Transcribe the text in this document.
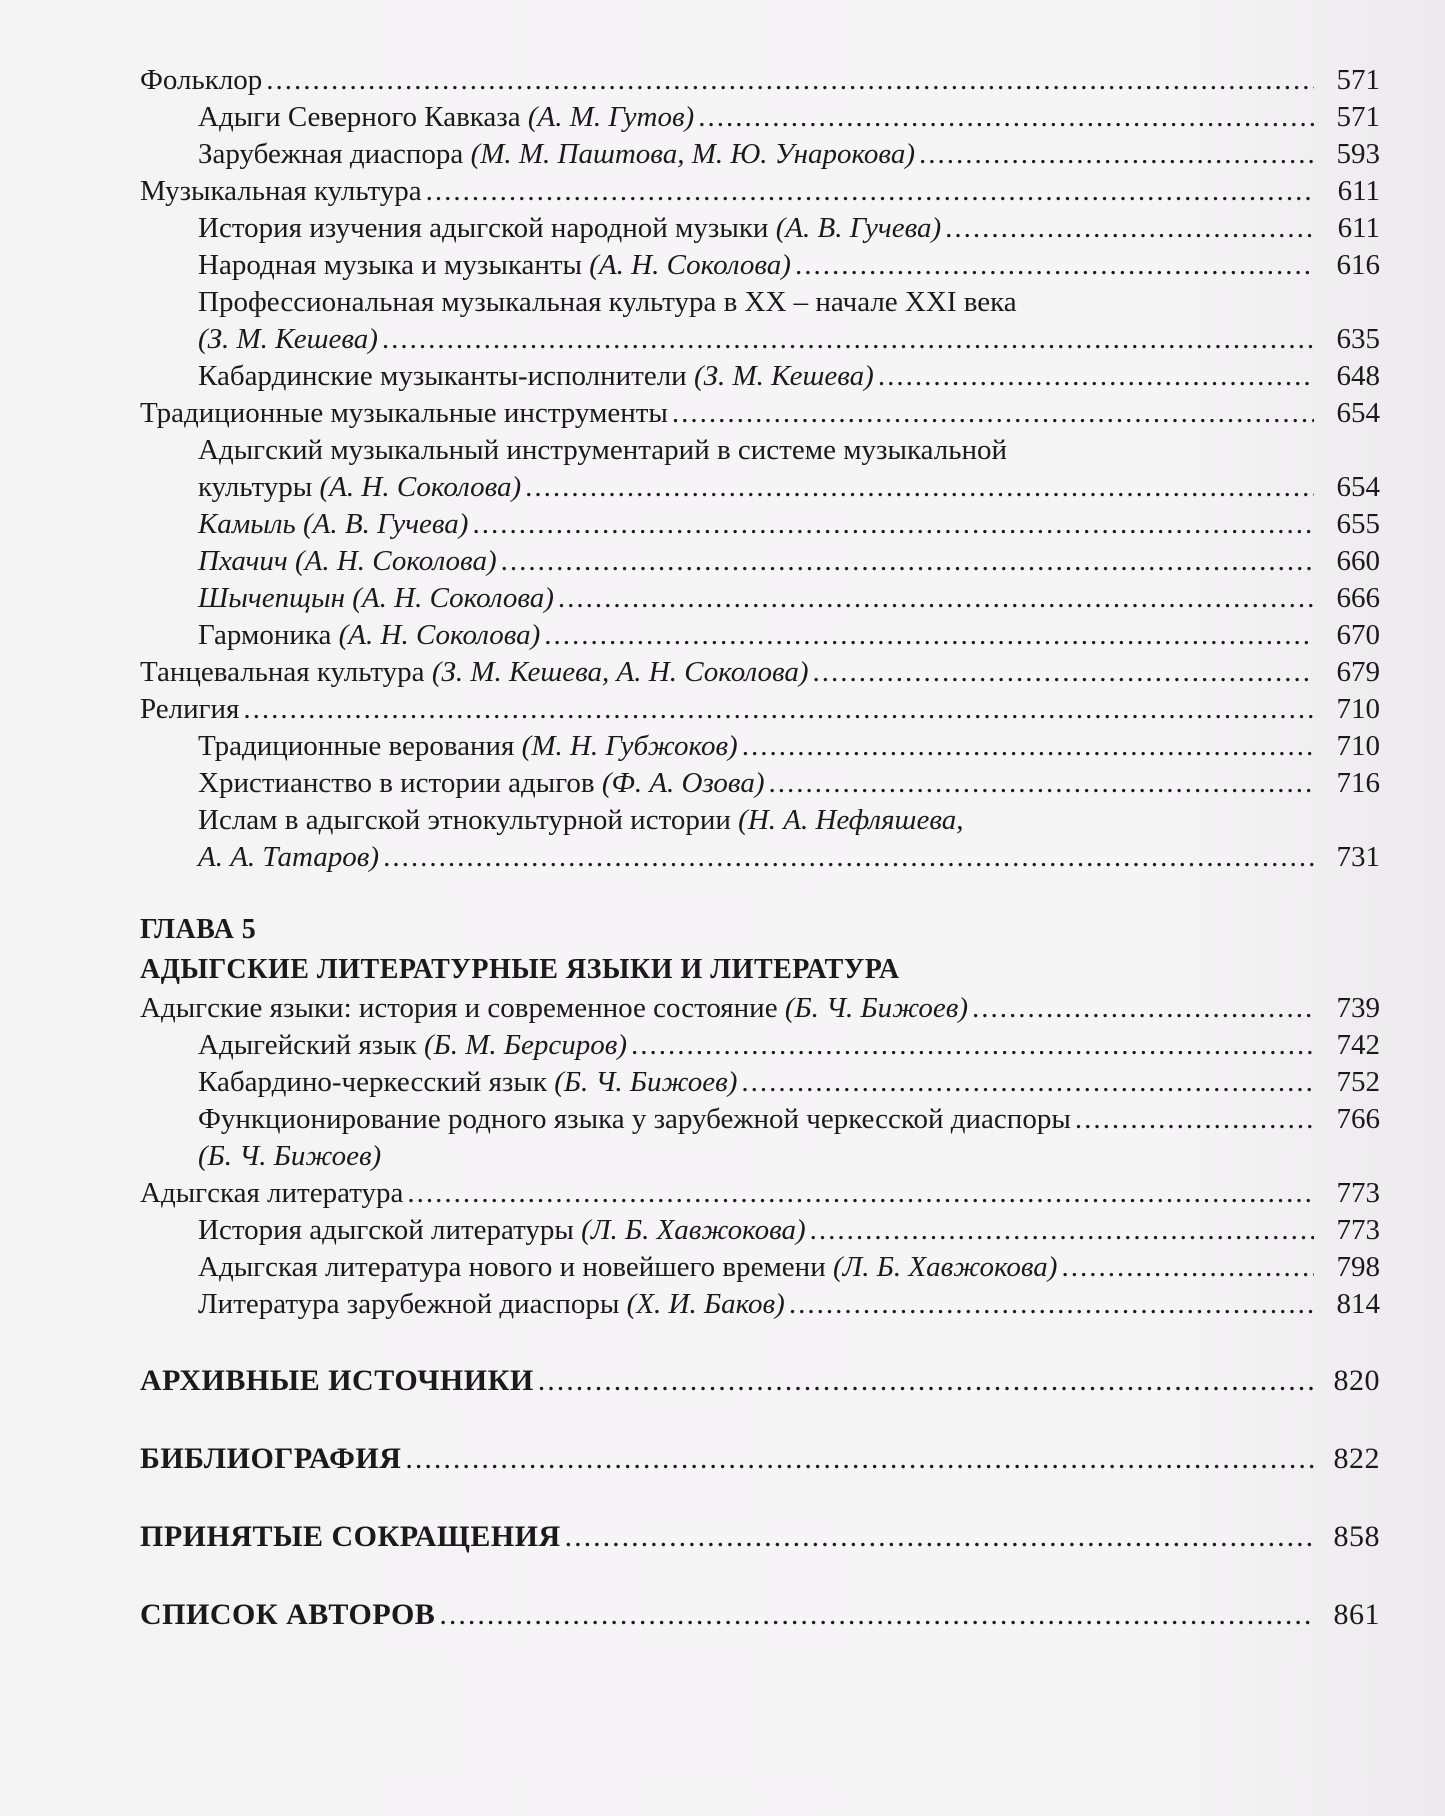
Фольклор .....	571
Адыги Северного Кавказа (А. М. Гутов) .....	571
Зарубежная диаспора (М. М. Паштова, М. Ю. Унарокова) .....	593
Музыкальная культура .....	611
История изучения адыгской народной музыки (А. В. Гучева) .....	611
Народная музыка и музыканты (А. Н. Соколова) .....	616
Профессиональная музыкальная культура в XX – начале XXI века
(З. М. Кешева) .....	635
Кабардинские музыканты-исполнители (З. М. Кешева) .....	648
Традиционные музыкальные инструменты .....	654
Адыгский музыкальный инструментарий в системе музыкальной
культуры (А. Н. Соколова) .....	654
Камыль (А. В. Гучева) .....	655
Пхачич (А. Н. Соколова) .....	660
Шычепщын (А. Н. Соколова) .....	666
Гармоника (А. Н. Соколова) .....	670
Танцевальная культура (З. М. Кешева, А. Н. Соколова) .....	679
Религия .....	710
Традиционные верования (М. Н. Губжоков) .....	710
Христианство в истории адыгов (Ф. А. Озова) .....	716
Ислам в адыгской этнокультурной истории (Н. А. Нефляшева,
А. А. Татаров) .....	731
ГЛАВА 5
АДЫГСКИЕ ЛИТЕРАТУРНЫЕ ЯЗЫКИ И ЛИТЕРАТУРА
Адыгские языки: история и современное состояние (Б. Ч. Бижоев) .....	739
Адыгейский язык (Б. М. Берсиров) .....	742
Кабардино-черкесский язык (Б. Ч. Бижоев) .....	752
Функционирование родного языка у зарубежной черкесской диаспоры .....	766
(Б. Ч. Бижоев)
Адыгская литература .....	773
История адыгской литературы (Л. Б. Хавжокова) .....	773
Адыгская литература нового и новейшего времени (Л. Б. Хавжокова) .....	798
Литература зарубежной диаспоры (Х. И. Баков) .....	814
АРХИВНЫЕ ИСТОЧНИКИ .....	820
БИБЛИОГРАФИЯ .....	822
ПРИНЯТЫЕ СОКРАЩЕНИЯ .....	858
СПИСОК АВТОРОВ .....	861
